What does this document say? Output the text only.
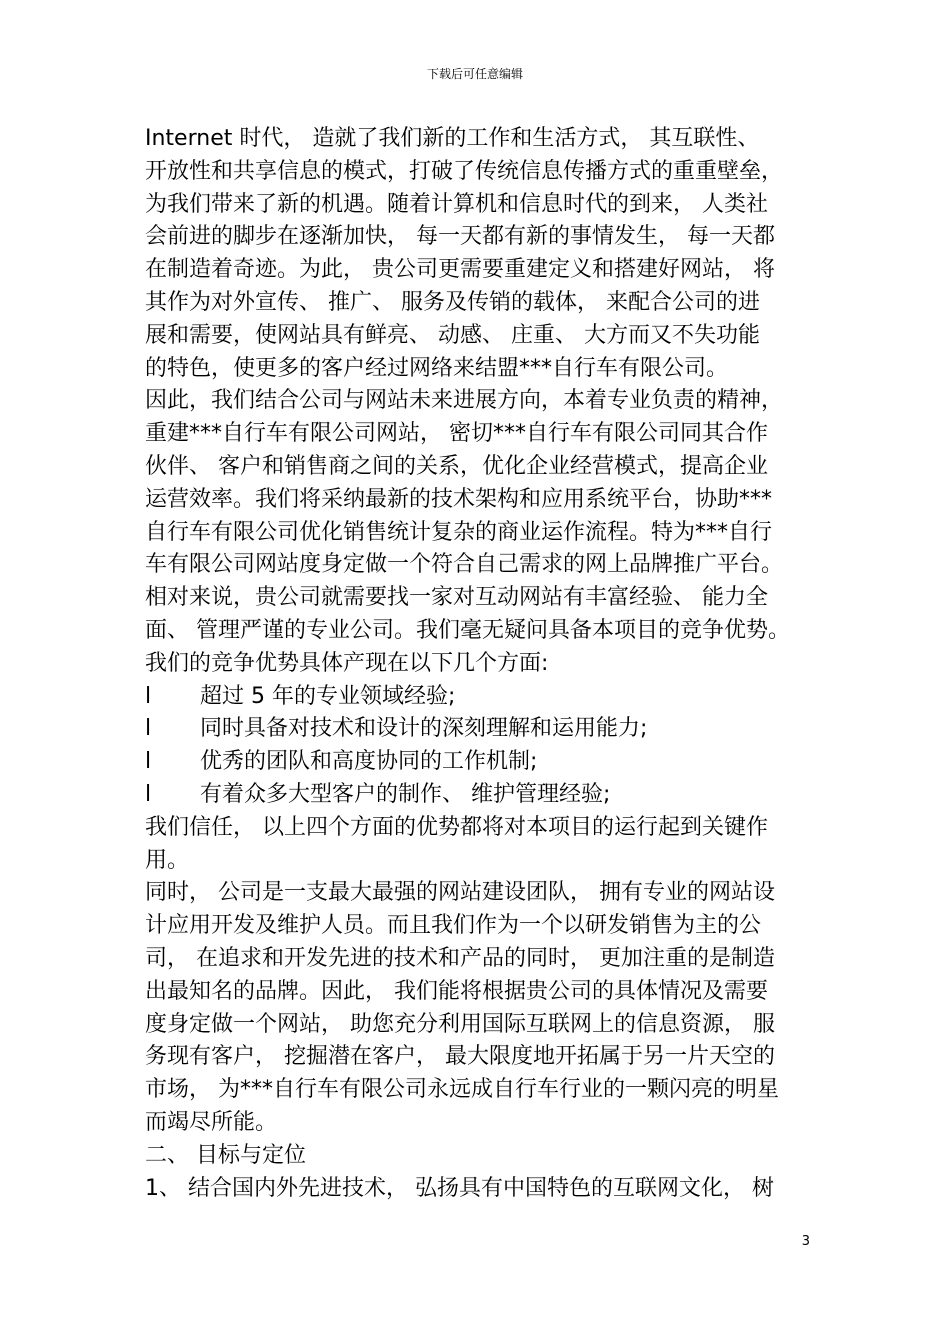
下载后可任意编辑
Internet 时代， 造就了我们新的工作和生活方式， 其互联性、
开放性和共享信息的模式，打破了传统信息传播方式的重重壁垒，
为我们带来了新的机遇。随着计算机和信息时代的到来， 人类社
会前进的脚步在逐渐加快， 每一天都有新的事情发生， 每一天都
在制造着奇迹。为此， 贵公司更需要重建定义和搭建好网站， 将
其作为对外宣传、 推广、 服务及传销的载体， 来配合公司的进
展和需要，使网站具有鲜亮、 动感、 庄重、 大方而又不失功能
的特色，使更多的客户经过网络来结盟***自行车有限公司。
因此，我们结合公司与网站未来进展方向，本着专业负责的精神，
重建***自行车有限公司网站， 密切***自行车有限公司同其合作
伙伴、 客户和销售商之间的关系，优化企业经营模式，提高企业
运营效率。我们将采纳最新的技术架构和应用系统平台，协助***
自行车有限公司优化销售统计复杂的商业运作流程。特为***自行
车有限公司网站度身定做一个符合自己需求的网上品牌推广平台。
相对来说，贵公司就需要找一家对互动网站有丰富经验、 能力全
面、 管理严谨的专业公司。我们毫无疑问具备本项目的竞争优势。
我们的竞争优势具体产现在以下几个方面:
l 超过 5 年的专业领域经验;
l 同时具备对技术和设计的深刻理解和运用能力;
l 优秀的团队和高度协同的工作机制;
l 有着众多大型客户的制作、 维护管理经验;
我们信任， 以上四个方面的优势都将对本项目的运行起到关键作
用。
同时， 公司是一支最大最强的网站建设团队， 拥有专业的网站设
计应用开发及维护人员。而且我们作为一个以研发销售为主的公
司， 在追求和开发先进的技术和产品的同时， 更加注重的是制造
出最知名的品牌。因此， 我们能将根据贵公司的具体情况及需要
度身定做一个网站， 助您充分利用国际互联网上的信息资源， 服
务现有客户， 挖掘潜在客户， 最大限度地开拓属于另一片天空的
市场， 为***自行车有限公司永远成自行车行业的一颗闪亮的明星
而竭尽所能。
二、 目标与定位
1、 结合国内外先进技术， 弘扬具有中国特色的互联网文化， 树
3
